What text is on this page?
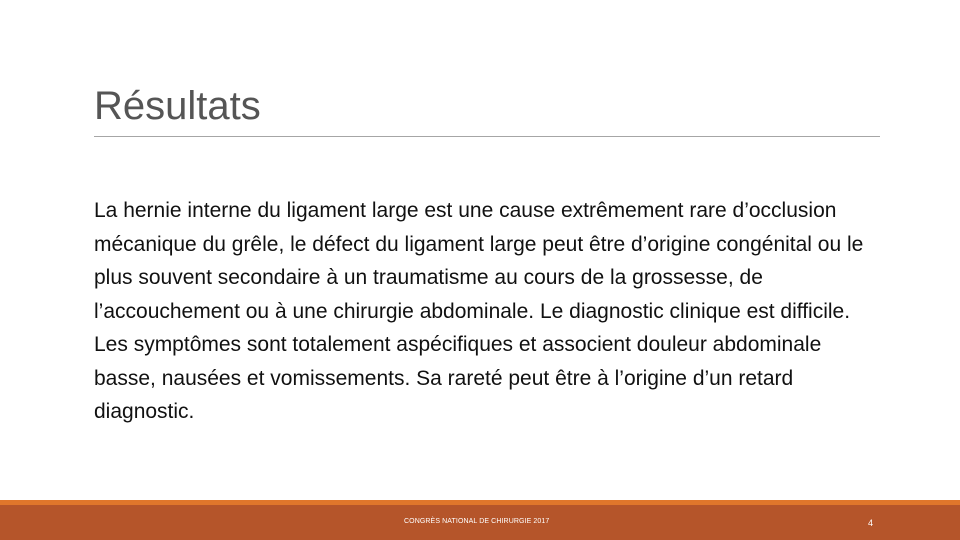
Résultats

La hernie interne du ligament large est une cause extrêmement rare d’occlusion mécanique du grêle, le défect du ligament large peut être d’origine congénital ou le plus souvent secondaire à un traumatisme au cours de la grossesse, de l’accouchement ou à une chirurgie abdominale. Le diagnostic clinique est difficile. Les symptômes sont totalement aspécifiques et associent douleur abdominale basse, nausées et vomissements. Sa rareté peut être à l’origine d’un retard diagnostic.

CONGRÈS NATIONAL DE CHIRURGIE 2017	4
